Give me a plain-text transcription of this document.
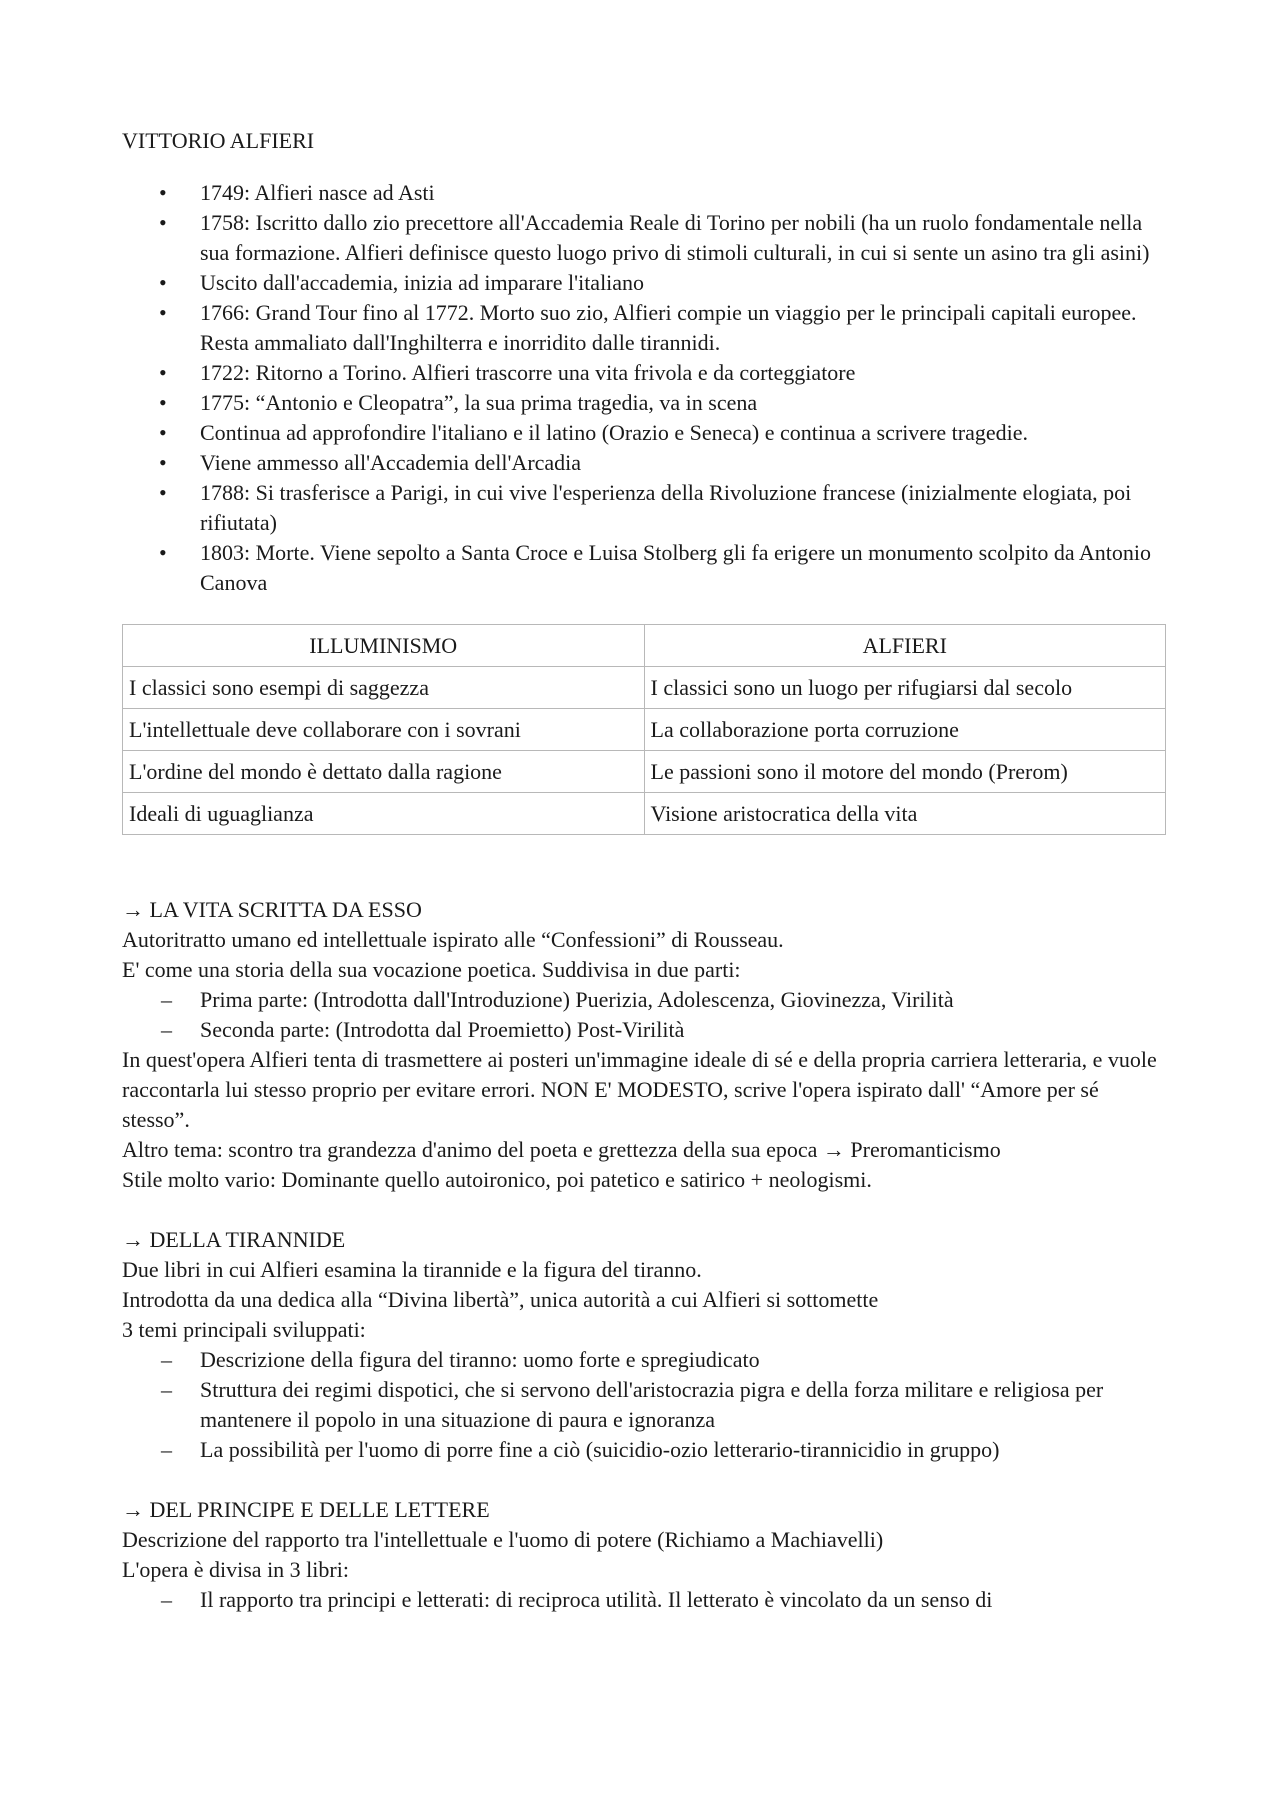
VITTORIO ALFIERI
• 1749: Alfieri nasce ad Asti
• 1758: Iscritto dallo zio precettore all'Accademia Reale di Torino per nobili (ha un ruolo fondamentale nella sua formazione. Alfieri definisce questo luogo privo di stimoli culturali, in cui si sente un asino tra gli asini)
• Uscito dall'accademia, inizia ad imparare l'italiano
• 1766: Grand Tour fino al 1772. Morto suo zio, Alfieri compie un viaggio per le principali capitali europee. Resta ammaliato dall'Inghilterra e inorridito dalle tirannidi.
• 1722: Ritorno a Torino. Alfieri trascorre una vita frivola e da corteggiatore
• 1775: “Antonio e Cleopatra”, la sua prima tragedia, va in scena
• Continua ad approfondire l'italiano e il latino (Orazio e Seneca) e continua a scrivere tragedie.
• Viene ammesso all'Accademia dell'Arcadia
• 1788: Si trasferisce a Parigi, in cui vive l'esperienza della Rivoluzione francese (inizialmente elogiata, poi rifiutata)
• 1803: Morte. Viene sepolto a Santa Croce e Luisa Stolberg gli fa erigere un monumento scolpito da Antonio Canova
ILLUMINISMO	ALFIERI
I classici sono esempi di saggezza	I classici sono un luogo per rifugiarsi dal secolo
L'intellettuale deve collaborare con i sovrani	La collaborazione porta corruzione
L'ordine del mondo è dettato dalla ragione	Le passioni sono il motore del mondo (Prerom)
Ideali di uguaglianza	Visione aristocratica della vita
→ LA VITA SCRITTA DA ESSO
Autoritratto umano ed intellettuale ispirato alle “Confessioni” di Rousseau.
E' come una storia della sua vocazione poetica. Suddivisa in due parti:
– Prima parte: (Introdotta dall'Introduzione) Puerizia, Adolescenza, Giovinezza, Virilità
– Seconda parte: (Introdotta dal Proemietto) Post-Virilità
In quest'opera Alfieri tenta di trasmettere ai posteri un'immagine ideale di sé e della propria carriera letteraria, e vuole raccontarla lui stesso proprio per evitare errori. NON E' MODESTO, scrive l'opera ispirato dall' “Amore per sé stesso”.
Altro tema: scontro tra grandezza d'animo del poeta e grettezza della sua epoca → Preromanticismo
Stile molto vario: Dominante quello autoironico, poi patetico e satirico + neologismi.
→ DELLA TIRANNIDE
Due libri in cui Alfieri esamina la tirannide e la figura del tiranno.
Introdotta da una dedica alla “Divina libertà”, unica autorità a cui Alfieri si sottomette
3 temi principali sviluppati:
– Descrizione della figura del tiranno: uomo forte e spregiudicato
– Struttura dei regimi dispotici, che si servono dell'aristocrazia pigra e della forza militare e religiosa per mantenere il popolo in una situazione di paura e ignoranza
– La possibilità per l'uomo di porre fine a ciò (suicidio-ozio letterario-tirannicidio in gruppo)
→ DEL PRINCIPE E DELLE LETTERE
Descrizione del rapporto tra l'intellettuale e l'uomo di potere (Richiamo a Machiavelli)
L'opera è divisa in 3 libri:
– Il rapporto tra principi e letterati: di reciproca utilità. Il letterato è vincolato da un senso di
